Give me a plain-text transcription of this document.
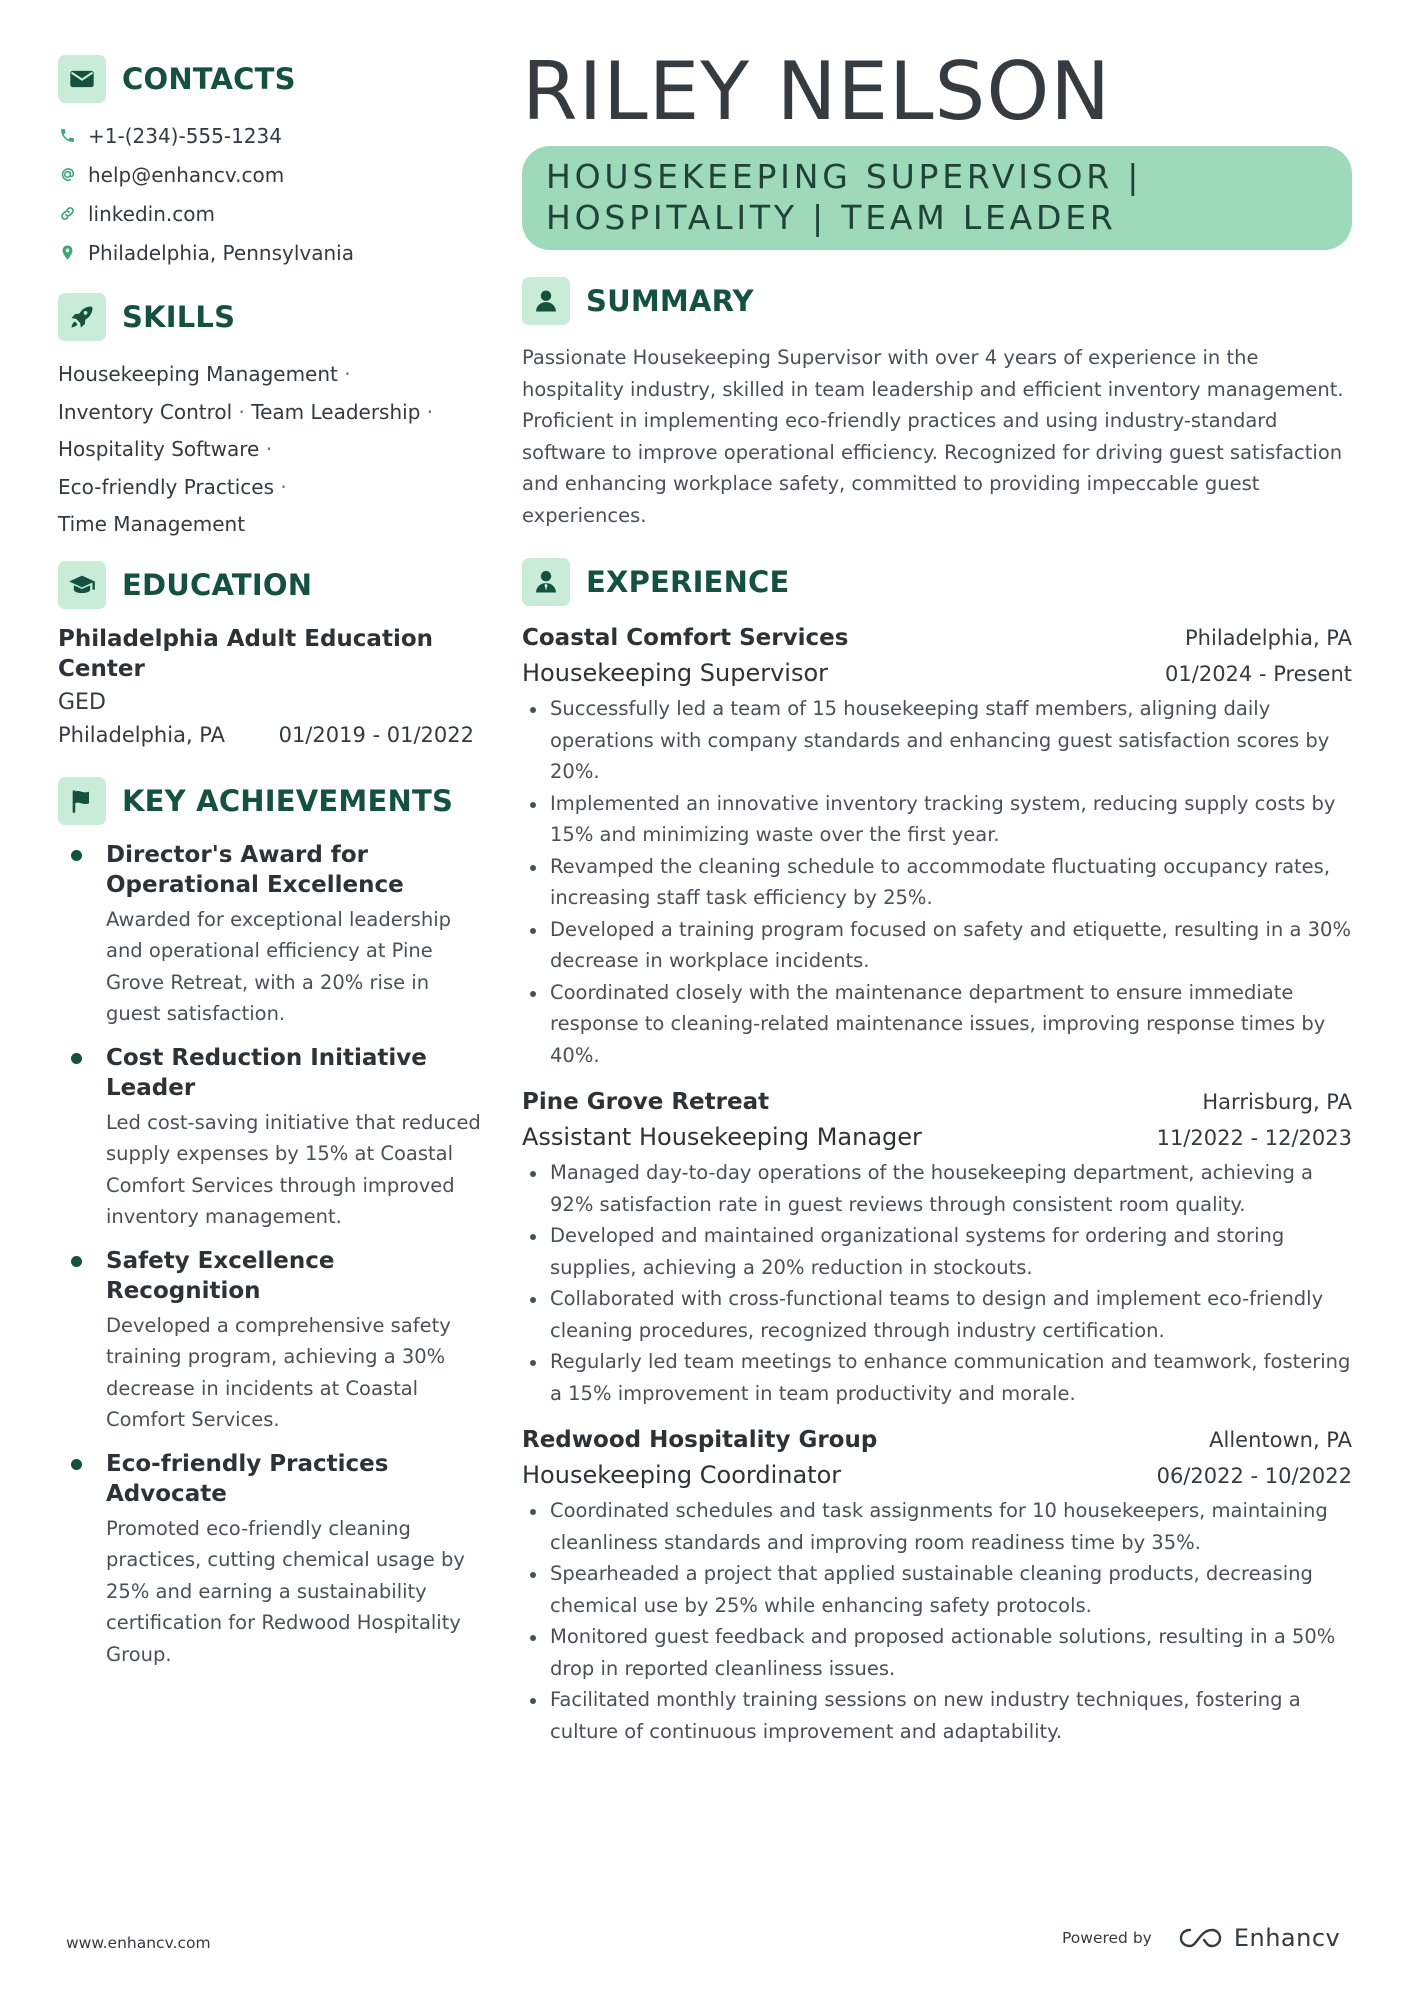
CONTACTS
+1-(234)-555-1234
help@enhancv.com
linkedin.com
Philadelphia, Pennsylvania
SKILLS
Housekeeping Management ·
Inventory Control · Team Leadership ·
Hospitality Software ·
Eco-friendly Practices ·
Time Management
EDUCATION
Philadelphia Adult Education Center
GED
Philadelphia, PA	01/2019 - 01/2022
KEY ACHIEVEMENTS
Director's Award for Operational Excellence
Awarded for exceptional leadership and operational efficiency at Pine Grove Retreat, with a 20% rise in guest satisfaction.
Cost Reduction Initiative Leader
Led cost-saving initiative that reduced supply expenses by 15% at Coastal Comfort Services through improved inventory management.
Safety Excellence Recognition
Developed a comprehensive safety training program, achieving a 30% decrease in incidents at Coastal Comfort Services.
Eco-friendly Practices Advocate
Promoted eco-friendly cleaning practices, cutting chemical usage by 25% and earning a sustainability certification for Redwood Hospitality Group.
RILEY NELSON
HOUSEKEEPING SUPERVISOR |
HOSPITALITY | TEAM LEADER
SUMMARY
Passionate Housekeeping Supervisor with over 4 years of experience in the hospitality industry, skilled in team leadership and efficient inventory management. Proficient in implementing eco-friendly practices and using industry-standard software to improve operational efficiency. Recognized for driving guest satisfaction and enhancing workplace safety, committed to providing impeccable guest experiences.
EXPERIENCE
Coastal Comfort Services	Philadelphia, PA
Housekeeping Supervisor	01/2024 - Present
Successfully led a team of 15 housekeeping staff members, aligning daily operations with company standards and enhancing guest satisfaction scores by 20%.
Implemented an innovative inventory tracking system, reducing supply costs by 15% and minimizing waste over the first year.
Revamped the cleaning schedule to accommodate fluctuating occupancy rates, increasing staff task efficiency by 25%.
Developed a training program focused on safety and etiquette, resulting in a 30% decrease in workplace incidents.
Coordinated closely with the maintenance department to ensure immediate response to cleaning-related maintenance issues, improving response times by 40%.
Pine Grove Retreat	Harrisburg, PA
Assistant Housekeeping Manager	11/2022 - 12/2023
Managed day-to-day operations of the housekeeping department, achieving a 92% satisfaction rate in guest reviews through consistent room quality.
Developed and maintained organizational systems for ordering and storing supplies, achieving a 20% reduction in stockouts.
Collaborated with cross-functional teams to design and implement eco-friendly cleaning procedures, recognized through industry certification.
Regularly led team meetings to enhance communication and teamwork, fostering a 15% improvement in team productivity and morale.
Redwood Hospitality Group	Allentown, PA
Housekeeping Coordinator	06/2022 - 10/2022
Coordinated schedules and task assignments for 10 housekeepers, maintaining cleanliness standards and improving room readiness time by 35%.
Spearheaded a project that applied sustainable cleaning products, decreasing chemical use by 25% while enhancing safety protocols.
Monitored guest feedback and proposed actionable solutions, resulting in a 50% drop in reported cleanliness issues.
Facilitated monthly training sessions on new industry techniques, fostering a culture of continuous improvement and adaptability.
www.enhancv.com	Powered by	Enhancv
